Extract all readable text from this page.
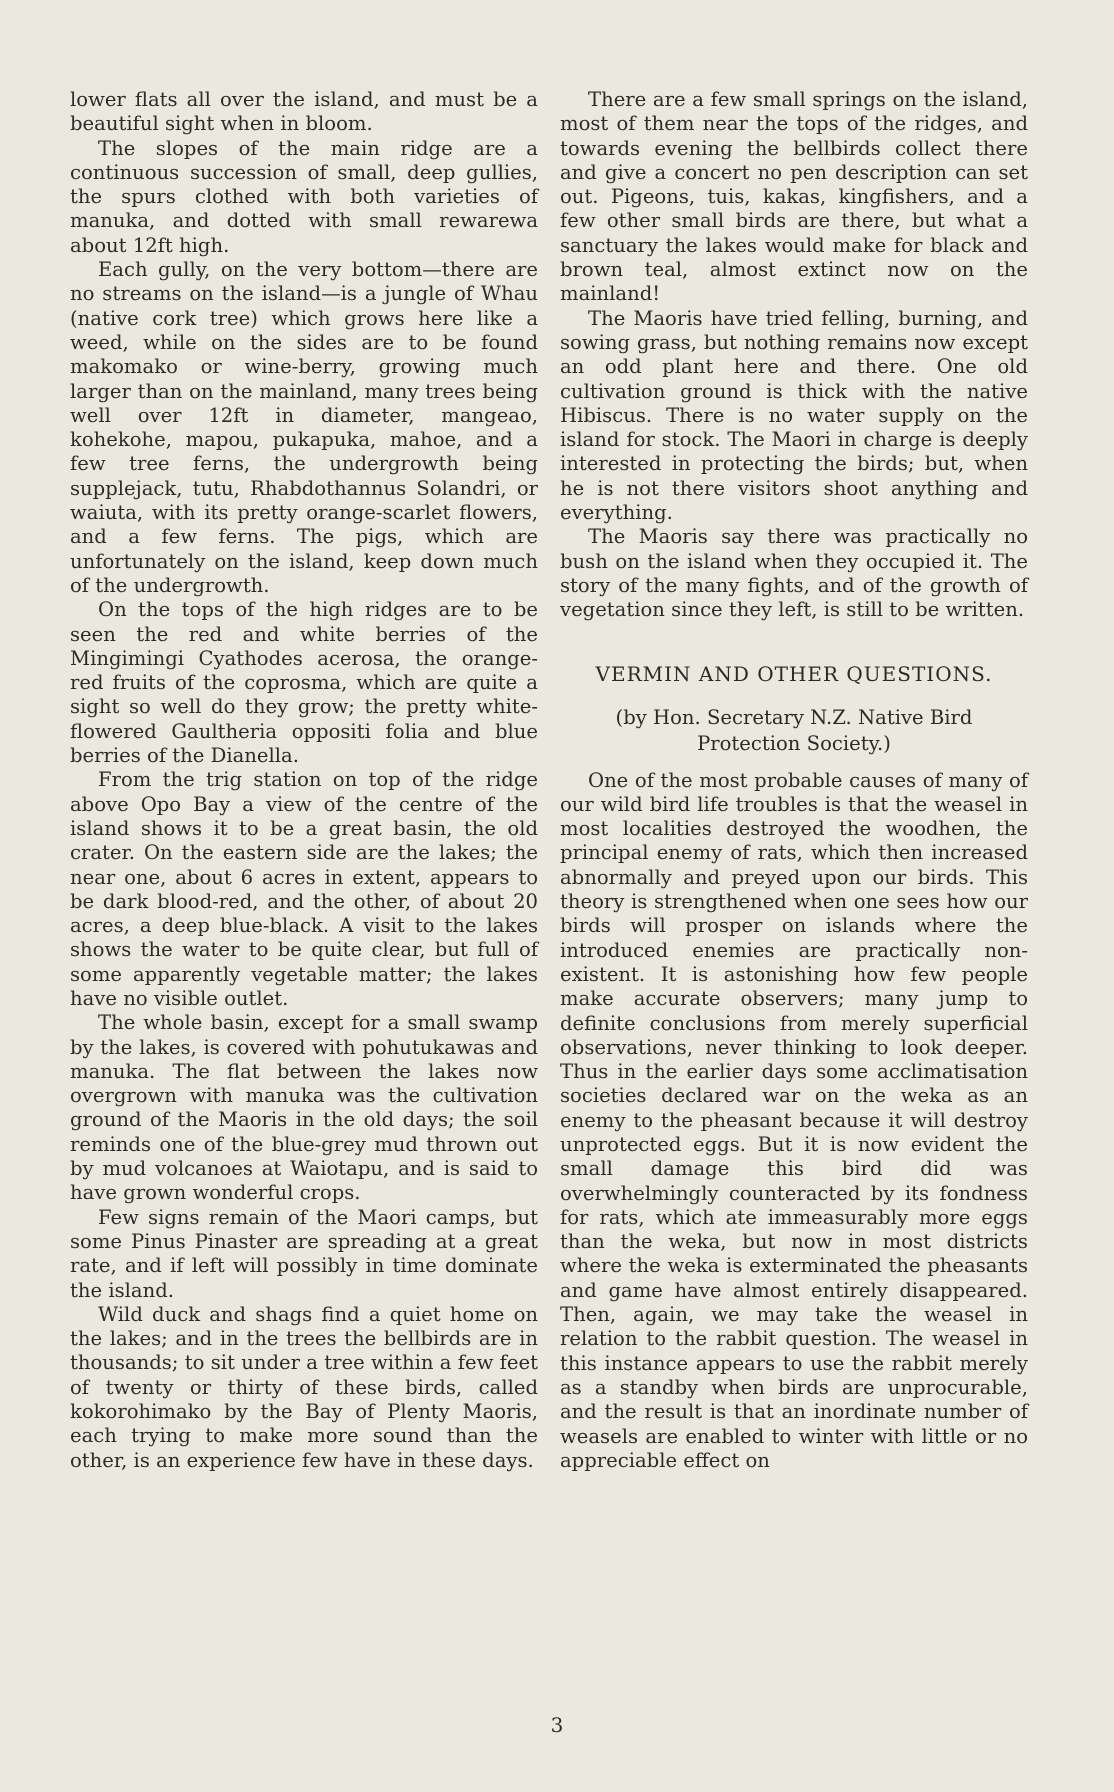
lower flats all over the island, and must be a beautiful sight when in bloom.

The slopes of the main ridge are a continuous succession of small, deep gullies, the spurs clothed with both varieties of manuka, and dotted with small rewarewa about 12ft high.

Each gully, on the very bottom—there are no streams on the island—is a jungle of Whau (native cork tree) which grows here like a weed, while on the sides are to be found makomako or wine-berry, growing much larger than on the mainland, many trees being well over 12ft in diameter, mangeao, kohekohe, mapou, pukapuka, mahoe, and a few tree ferns, the undergrowth being supplejack, tutu, Rhabdothannus Solandri, or waiuta, with its pretty orange-scarlet flowers, and a few ferns. The pigs, which are unfortunately on the island, keep down much of the undergrowth.

On the tops of the high ridges are to be seen the red and white berries of the Mingimingi Cyathodes acerosa, the orange-red fruits of the coprosma, which are quite a sight so well do they grow; the pretty white-flowered Gaultheria oppositi folia and blue berries of the Dianella.

From the trig station on top of the ridge above Opo Bay a view of the centre of the island shows it to be a great basin, the old crater. On the eastern side are the lakes; the near one, about 6 acres in extent, appears to be dark blood-red, and the other, of about 20 acres, a deep blue-black. A visit to the lakes shows the water to be quite clear, but full of some apparently vegetable matter; the lakes have no visible outlet.

The whole basin, except for a small swamp by the lakes, is covered with pohutukawas and manuka. The flat between the lakes now overgrown with manuka was the cultivation ground of the Maoris in the old days; the soil reminds one of the blue-grey mud thrown out by mud volcanoes at Waiotapu, and is said to have grown wonderful crops.

Few signs remain of the Maori camps, but some Pinus Pinaster are spreading at a great rate, and if left will possibly in time dominate the island.

Wild duck and shags find a quiet home on the lakes; and in the trees the bellbirds are in thousands; to sit under a tree within a few feet of twenty or thirty of these birds, called kokorohimako by the Bay of Plenty Maoris, each trying to make more sound than the other, is an experience few have in these days.

There are a few small springs on the island, most of them near the tops of the ridges, and towards evening the bellbirds collect there and give a concert no pen description can set out. Pigeons, tuis, kakas, kingfishers, and a few other small birds are there, but what a sanctuary the lakes would make for black and brown teal, almost extinct now on the mainland!

The Maoris have tried felling, burning, and sowing grass, but nothing remains now except an odd plant here and there. One old cultivation ground is thick with the native Hibiscus. There is no water supply on the island for stock. The Maori in charge is deeply interested in protecting the birds; but, when he is not there visitors shoot anything and everything.

The Maoris say there was practically no bush on the island when they occupied it. The story of the many fights, and of the growth of vegetation since they left, is still to be written.

VERMIN AND OTHER QUESTIONS.
(by Hon. Secretary N.Z. Native Bird Protection Society.)

One of the most probable causes of many of our wild bird life troubles is that the weasel in most localities destroyed the woodhen, the principal enemy of rats, which then increased abnormally and preyed upon our birds. This theory is strengthened when one sees how our birds will prosper on islands where the introduced enemies are practically non-existent. It is astonishing how few people make accurate observers; many jump to definite conclusions from merely superficial observations, never thinking to look deeper. Thus in the earlier days some acclimatisation societies declared war on the weka as an enemy to the pheasant because it will destroy unprotected eggs. But it is now evident the small damage this bird did was overwhelmingly counteracted by its fondness for rats, which ate immeasurably more eggs than the weka, but now in most districts where the weka is exterminated the pheasants and game have almost entirely disappeared. Then, again, we may take the weasel in relation to the rabbit question. The weasel in this instance appears to use the rabbit merely as a standby when birds are unprocurable, and the result is that an inordinate number of weasels are enabled to winter with little or no appreciable effect on

3
